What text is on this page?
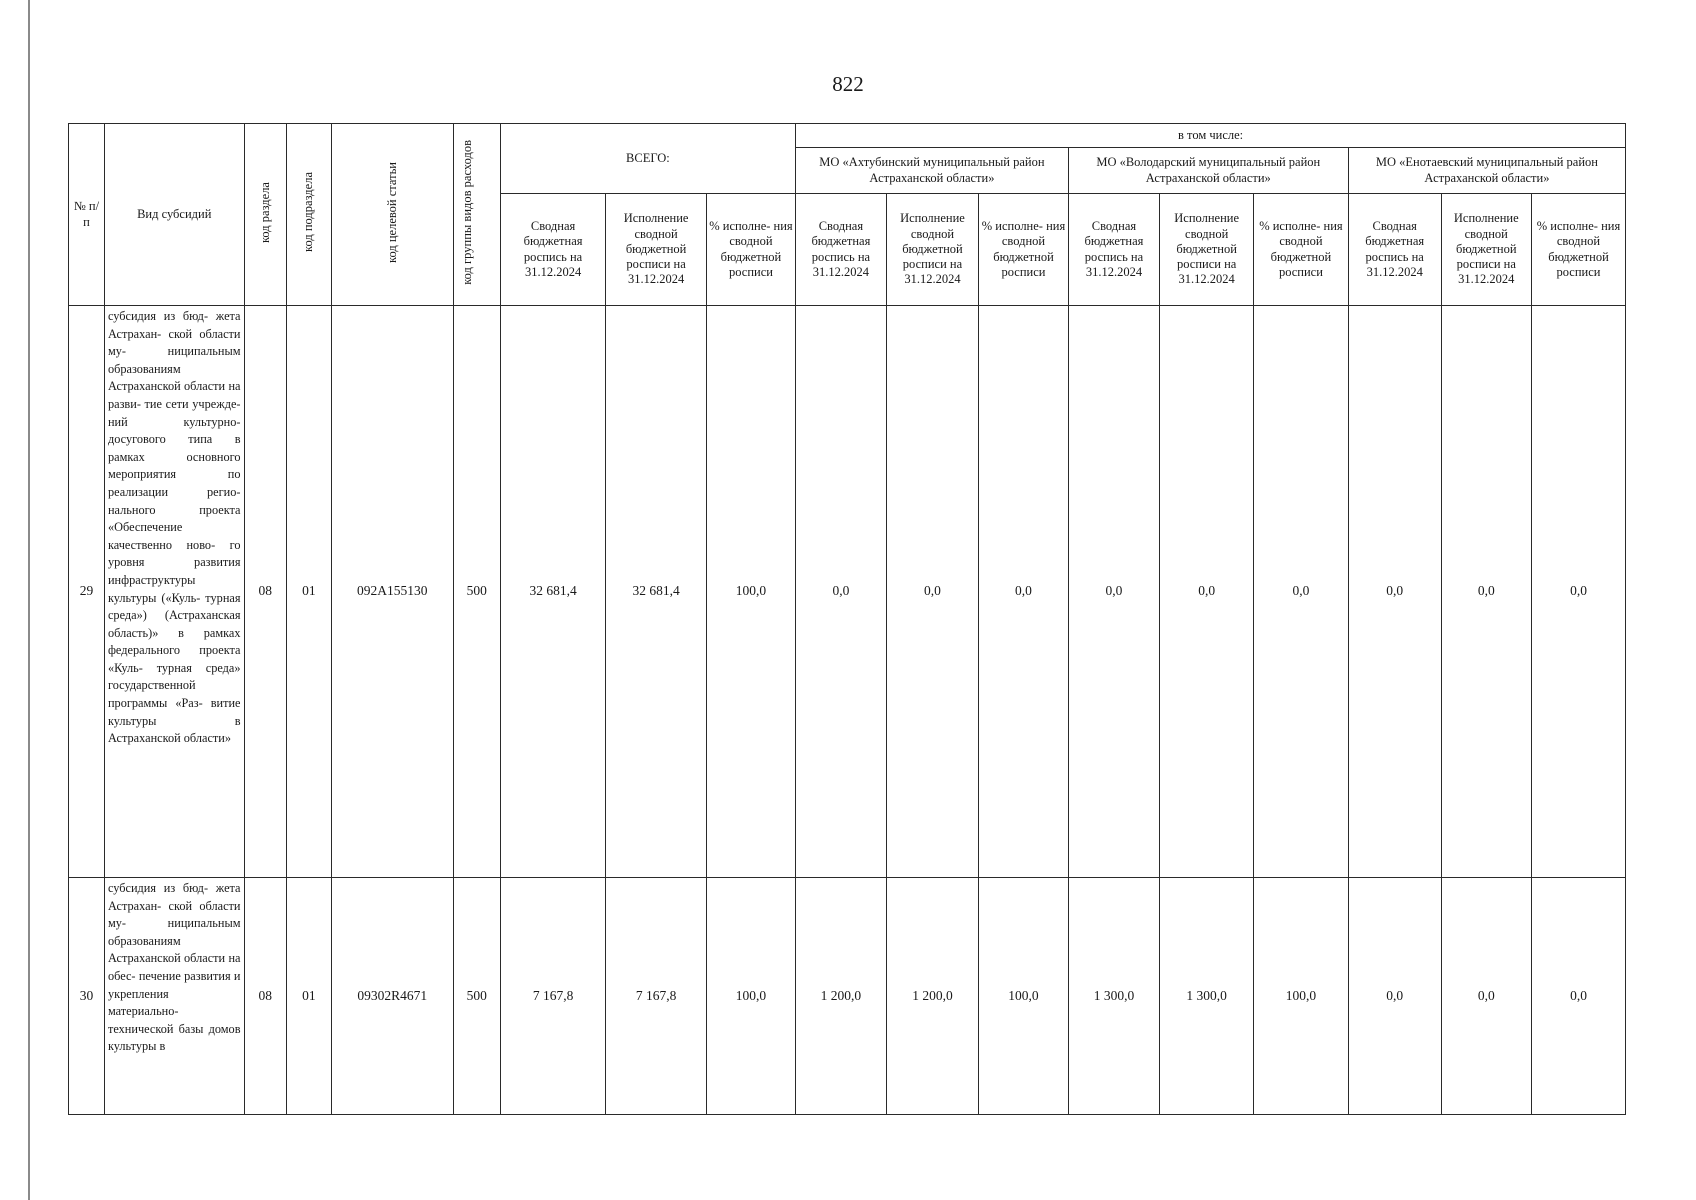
822
№ п/п	Вид субсидий	код раздела	код подраздела	код целевой статьи	код группы видов расходов	ВСЕГО:			в том числе:								
									МО «Ахтубинский муниципальный район Астраханской области»			МО «Володарский муниципальный район Астраханской области»			МО «Енотаевский муниципальный район Астраханской области»		
						Сводная бюджетная роспись на 31.12.2024	Исполнение сводной бюджетной росписи на 31.12.2024	% исполне- ния сводной бюджетной росписи	Сводная бюджетная роспись на 31.12.2024	Исполнение сводной бюджетной росписи на 31.12.2024	% исполне- ния сводной бюджетной росписи	Сводная бюджетная роспись на 31.12.2024	Исполнение сводной бюджетной росписи на 31.12.2024	% исполне- ния сводной бюджетной росписи	Сводная бюджетная роспись на 31.12.2024	Исполнение сводной бюджетной росписи на 31.12.2024	% исполне- ния сводной бюджетной росписи
29	субсидия из бюд- жета Астрахан- ской области му- ниципальным образованиям Астраханской области на разви- тие сети учрежде- ний культурно- досугового типа в рамках основного мероприятия по реализации регио- нального проекта «Обеспечение качественно ново- го уровня развития инфраструктуры культуры («Куль- турная среда») (Астраханская область)» в рамках федерального проекта «Куль- турная среда» государственной программы «Раз- витие культуры в Астраханской области»	08	01	092A155130	500	32 681,4	32 681,4	100,0	0,0	0,0	0,0	0,0	0,0	0,0	0,0	0,0	0,0
30	субсидия из бюд- жета Астрахан- ской области му- ниципальным образованиям Астраханской области на обес- печение развития и укрепления материально- технической базы домов культуры в	08	01	09302R4671	500	7 167,8	7 167,8	100,0	1 200,0	1 200,0	100,0	1 300,0	1 300,0	100,0	0,0	0,0	0,0
